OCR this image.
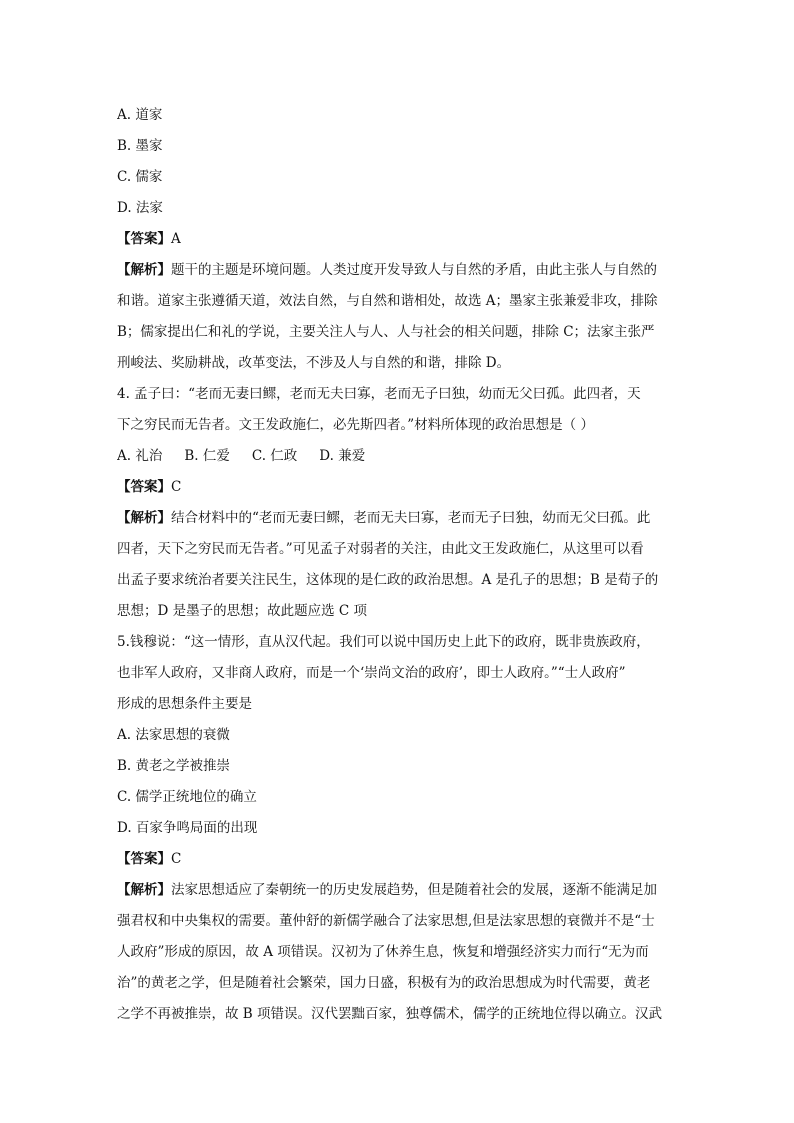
A. 道家
B. 墨家
C. 儒家
D. 法家
【答案】A
【解析】题干的主题是环境问题。人类过度开发导致人与自然的矛盾，由此主张人与自然的
和谐。道家主张遵循天道，效法自然，与自然和谐相处，故选 A；墨家主张兼爱非攻，排除
B；儒家提出仁和礼的学说，主要关注人与人、人与社会的相关问题，排除 C；法家主张严
刑峻法、奖励耕战，改革变法，不涉及人与自然的和谐，排除 D。
4. 孟子曰：“老而无妻曰鳏，老而无夫曰寡，老而无子曰独，幼而无父曰孤。此四者，天
下之穷民而无告者。文王发政施仁，必先斯四者。”材料所体现的政治思想是（ ）
A. 礼治 B. 仁爱 C. 仁政 D. 兼爱
【答案】C
【解析】结合材料中的“老而无妻曰鳏，老而无夫曰寡，老而无子曰独，幼而无父曰孤。此
四者，天下之穷民而无告者。”可见孟子对弱者的关注，由此文王发政施仁，从这里可以看
出孟子要求统治者要关注民生，这体现的是仁政的政治思想。A 是孔子的思想；B 是荀子的
思想；D 是墨子的思想；故此题应选 C 项
5.钱穆说：“这一情形，直从汉代起。我们可以说中国历史上此下的政府，既非贵族政府，
也非军人政府，又非商人政府，而是一个‘崇尚文治的政府’，即士人政府。”“士人政府”
形成的思想条件主要是
A. 法家思想的衰微
B. 黄老之学被推崇
C. 儒学正统地位的确立
D. 百家争鸣局面的出现
【答案】C
【解析】法家思想适应了秦朝统一的历史发展趋势，但是随着社会的发展，逐渐不能满足加
强君权和中央集权的需要。董仲舒的新儒学融合了法家思想,但是法家思想的衰微并不是“士
人政府”形成的原因，故 A 项错误。汉初为了休养生息，恢复和增强经济实力而行“无为而
治”的黄老之学，但是随着社会繁荣，国力日盛，积极有为的政治思想成为时代需要，黄老
之学不再被推崇，故 B 项错误。汉代罢黜百家，独尊儒术，儒学的正统地位得以确立。汉武
